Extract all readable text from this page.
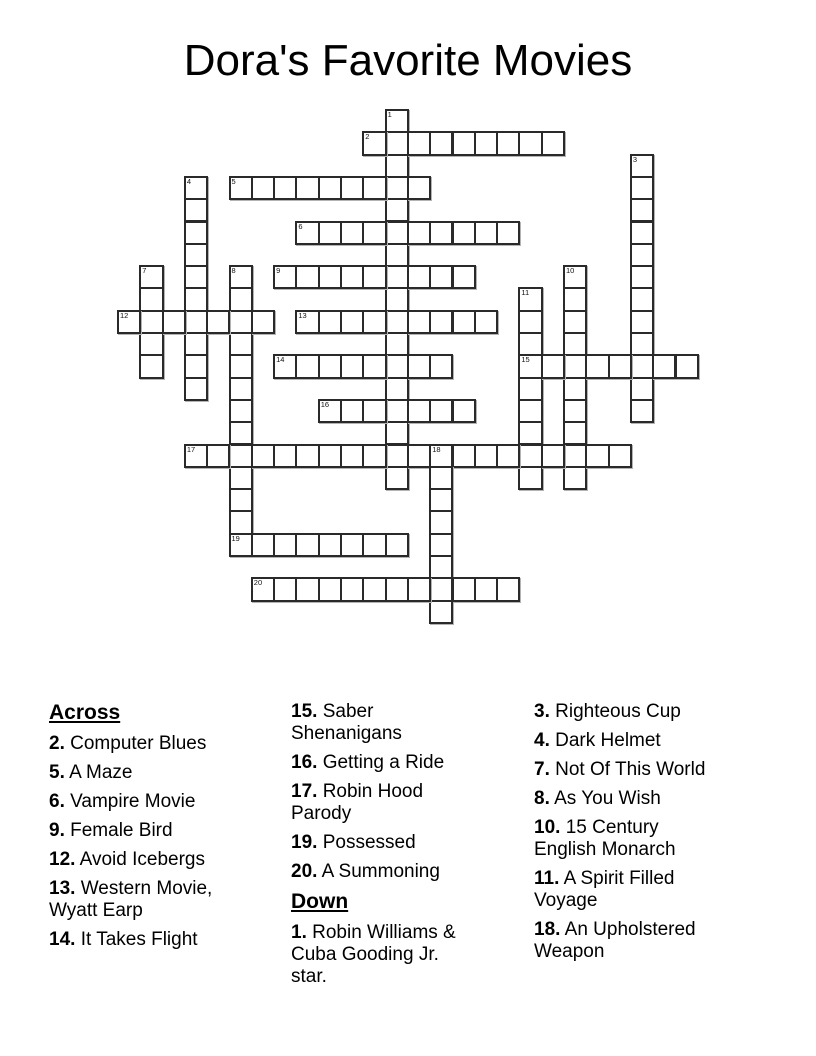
Dora's Favorite Movies
1
2
3
4	5
6
7	8
19
9	10
11
15
12	13
14
16
17	18
20
Across
2. Computer Blues
5. A Maze
6. Vampire Movie
9. Female Bird
12. Avoid Icebergs
13. Western Movie, Wyatt Earp
14. It Takes Flight
15. Saber Shenanigans
16. Getting a Ride
17. Robin Hood Parody
19. Possessed
20. A Summoning
Down
1. Robin Williams & Cuba Gooding Jr. star.
3. Righteous Cup
4. Dark Helmet
7. Not Of This World
8. As You Wish
10. 15 Century English Monarch
11. A Spirit Filled Voyage
18. An Upholstered Weapon
